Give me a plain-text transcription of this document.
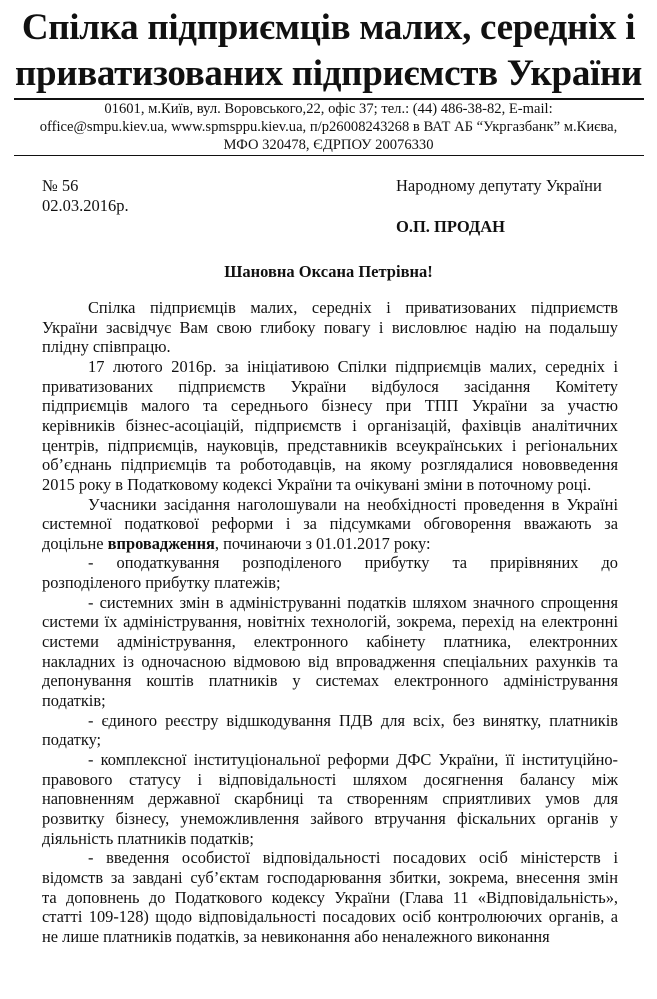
Спілка підприємців малих, середніх і
приватизованих підприємств України
01601, м.Київ, вул. Воровського,22, офіс 37; тел.: (44) 486-38-82, E-mail:
office@smpu.kiev.ua, www.spmsppu.kiev.ua, п/р26008243268 в ВАТ АБ “Укргазбанк” м.Києва,
МФО 320478, ЄДРПОУ 20076330
№ 56
02.03.2016р.
Народному депутату України
О.П. ПРОДАН
Шановна Оксана Петрівна!
Спілка підприємців малих, середніх і приватизованих підприємств
України засвідчує Вам свою глибоку повагу і висловлює надію на подальшу
плідну співпрацю.
17 лютого 2016р. за ініціативою Спілки підприємців малих, середніх і
приватизованих підприємств України відбулося засідання Комітету
підприємців малого та середнього бізнесу при ТПП України за участю
керівників бізнес-асоціацій, підприємств і організацій, фахівців аналітичних
центрів, підприємців, науковців, представників всеукраїнських і регіональних
об’єднань підприємців та роботодавців, на якому розглядалися нововведення
2015 року в Податковому кодексі України та очікувані зміни в поточному році.
Учасники засідання наголошували на необхідності проведення в Україні
системної податкової реформи і за підсумками обговорення вважають за
доцільне впровадження, починаючи з 01.01.2017 року:
- оподаткування розподіленого прибутку та прирівняних до
розподіленого прибутку платежів;
- системних змін в адмініструванні податків шляхом значного спрощення
системи їх адміністрування, новітніх технологій, зокрема, перехід на електронні
системи адміністрування, електронного кабінету платника, електронних
накладних із одночасною відмовою від впровадження спеціальних рахунків та
депонування коштів платників у системах електронного адміністрування
податків;
- єдиного реєстру відшкодування ПДВ для всіх, без винятку, платників
податку;
- комплексної інституціональної реформи ДФС України, її інституційно-
правового статусу і відповідальності шляхом досягнення балансу між
наповненням державної скарбниці та створенням сприятливих умов для
розвитку бізнесу, унеможливлення зайвого втручання фіскальних органів у
діяльність платників податків;
- введення особистої відповідальності посадових осіб міністерств і
відомств за завдані суб’єктам господарювання збитки, зокрема, внесення змін
та доповнень до Податкового кодексу України (Глава 11 «Відповідальність»,
статті 109-128) щодо відповідальності посадових осіб контролюючих органів, а
не лише платників податків, за невиконання або неналежного виконання
